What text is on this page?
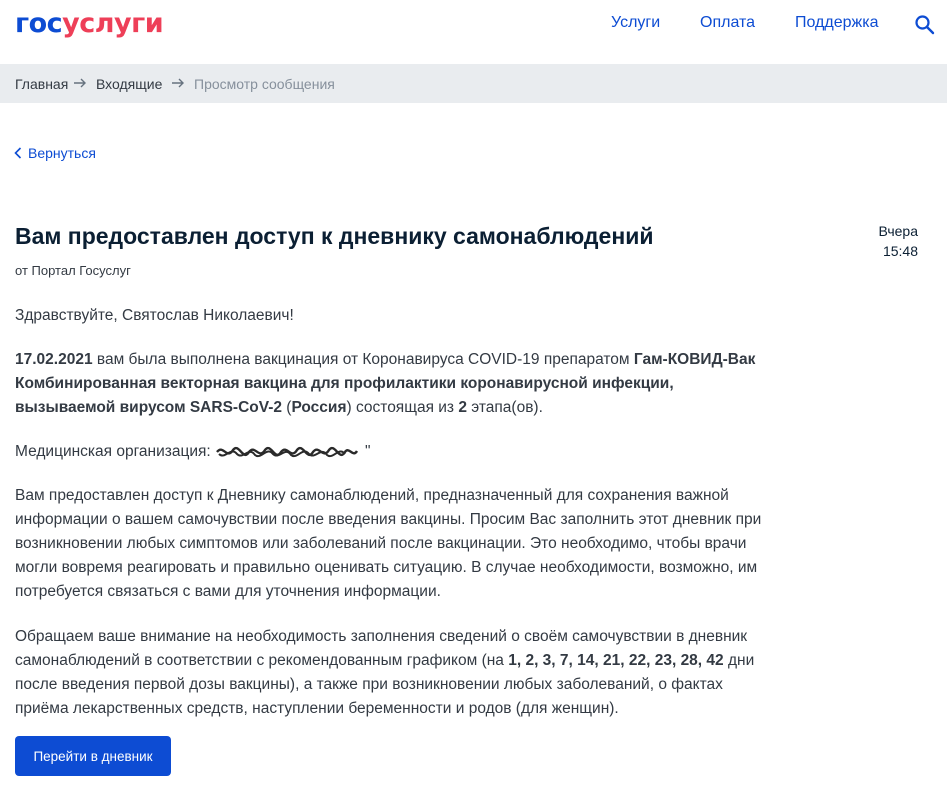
госуслуги	Услуги Оплата Поддержка
Главная Входящие Просмотр сообщения
Вернуться
Вам предоставлен доступ к дневнику самонаблюдений
от Портал Госуслуг
Вчера
15:48

Здравствуйте, Святослав Николаевич!

17.02.2021 вам была выполнена вакцинация от Коронавируса COVID-19 препаратом Гам-КОВИД-Вак Комбинированная векторная вакцина для профилактики коронавирусной инфекции, вызываемой вирусом SARS-CoV-2 (Россия) состоящая из 2 этапа(ов).

Медицинская организация:	"

Вам предоставлен доступ к Дневнику самонаблюдений, предназначенный для сохранения важной информации о вашем самочувствии после введения вакцины. Просим Вас заполнить этот дневник при возникновении любых симптомов или заболеваний после вакцинации. Это необходимо, чтобы врачи могли вовремя реагировать и правильно оценивать ситуацию. В случае необходимости, возможно, им потребуется связаться с вами для уточнения информации.

Обращаем ваше внимание на необходимость заполнения сведений о своём самочувствии в дневник самонаблюдений в соответствии с рекомендованным графиком (на 1, 2, 3, 7, 14, 21, 22, 23, 28, 42 дни после введения первой дозы вакцины), а также при возникновении любых заболеваний, о фактах приёма лекарственных средств, наступлении беременности и родов (для женщин).

Перейти в дневник
